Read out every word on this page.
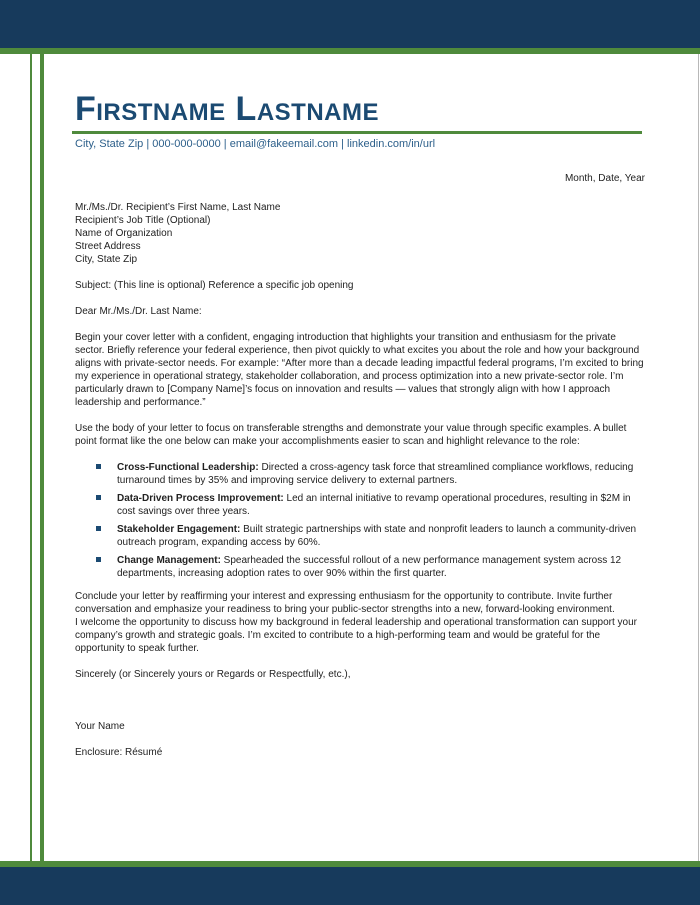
Firstname Lastname
City, State Zip | 000-000-0000 | email@fakeemail.com | linkedin.com/in/url
Month, Date, Year
Mr./Ms./Dr. Recipient’s First Name, Last Name
Recipient’s Job Title (Optional)
Name of Organization
Street Address
City, State Zip

Subject: (This line is optional) Reference a specific job opening

Dear Mr./Ms./Dr. Last Name:

Begin your cover letter with a confident, engaging introduction that highlights your transition and enthusiasm for the private sector. Briefly reference your federal experience, then pivot quickly to what excites you about the role and how your background aligns with private-sector needs. For example: “After more than a decade leading impactful federal programs, I’m excited to bring my experience in operational strategy, stakeholder collaboration, and process optimization into a new private-sector role. I’m particularly drawn to [Company Name]’s focus on innovation and results — values that strongly align with how I approach leadership and performance.”

Use the body of your letter to focus on transferable strengths and demonstrate your value through specific examples. A bullet point format like the one below can make your accomplishments easier to scan and highlight relevance to the role:

Cross-Functional Leadership: Directed a cross-agency task force that streamlined compliance workflows, reducing turnaround times by 35% and improving service delivery to external partners.
Data-Driven Process Improvement: Led an internal initiative to revamp operational procedures, resulting in $2M in cost savings over three years.
Stakeholder Engagement: Built strategic partnerships with state and nonprofit leaders to launch a community-driven outreach program, expanding access by 60%.
Change Management: Spearheaded the successful rollout of a new performance management system across 12 departments, increasing adoption rates to over 90% within the first quarter.

Conclude your letter by reaffirming your interest and expressing enthusiasm for the opportunity to contribute. Invite further conversation and emphasize your readiness to bring your public-sector strengths into a new, forward-looking environment.
I welcome the opportunity to discuss how my background in federal leadership and operational transformation can support your company’s growth and strategic goals. I’m excited to contribute to a high-performing team and would be grateful for the opportunity to speak further.

Sincerely (or Sincerely yours or Regards or Respectfully, etc.),

Your Name

Enclosure: Résumé
